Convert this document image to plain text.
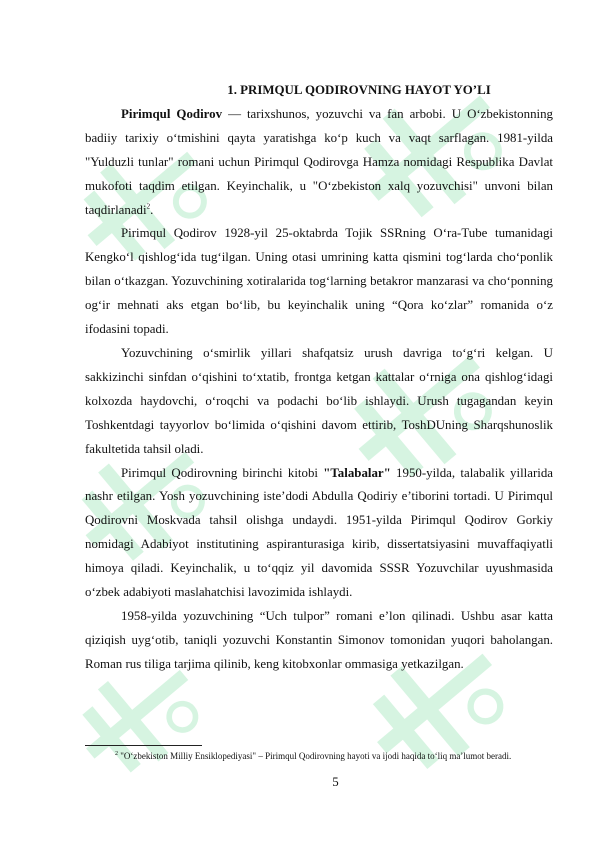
1. PRIMQUL QODIROVNING HAYOT YO’LI

Pirimqul Qodirov — tarixshunos, yozuvchi va fan arbobi. U O‘zbekistonning badiiy tarixiy o‘tmishini qayta yaratishga ko‘p kuch va vaqt sarflagan. 1981-yilda "Yulduzli tunlar" romani uchun Pirimqul Qodirovga Hamza nomidagi Respublika Davlat mukofoti taqdim etilgan. Keyinchalik, u "O‘zbekiston xalq yozuvchisi" unvoni bilan taqdirlanadi$^2$.

Pirimqul Qodirov 1928-yil 25-oktabrda Tojik SSRning O‘ra-Tube tumanidagi Kengko‘l qishlog‘ida tug‘ilgan. Uning otasi umrining katta qismini tog‘larda cho‘ponlik bilan o‘tkazgan. Yozuvchining xotiralarida tog‘larning betakror manzarasi va cho‘ponning og‘ir mehnati aks etgan bo‘lib, bu keyinchalik uning “Qora ko‘zlar” romanida o‘z ifodasini topadi.

Yozuvchining o‘smirlik yillari shafqatsiz urush davriga to‘g‘ri kelgan. U sakkizinchi sinfdan o‘qishini to‘xtatib, frontga ketgan kattalar o‘rniga ona qishlog‘idagi kolxozda haydovchi, o‘roqchi va podachi bo‘lib ishlaydi. Urush tugagandan keyin Toshkentdagi tayyorlov bo‘limida o‘qishini davom ettirib, ToshDUning Sharqshunoslik fakultetida tahsil oladi.

Pirimqul Qodirovning birinchi kitobi "Talabalar" 1950-yilda, talabalik yillarida nashr etilgan. Yosh yozuvchining iste’dodi Abdulla Qodiriy e’tiborini tortadi. U Pirimqul Qodirovni Moskvada tahsil olishga undaydi. 1951-yilda Pirimqul Qodirov Gorkiy nomidagi Adabiyot institutining aspiranturasiga kirib, dissertatsiyasini muvaffaqiyatli himoya qiladi. Keyinchalik, u to‘qqiz yil davomida SSSR Yozuvchilar uyushmasida o‘zbek adabiyoti maslahatchisi lavozimida ishlaydi.

1958-yilda yozuvchining “Uch tulpor” romani e’lon qilinadi. Ushbu asar katta qiziqish uyg‘otib, taniqli yozuvchi Konstantin Simonov tomonidan yuqori baholangan. Roman rus tiliga tarjima qilinib, keng kitobxonlar ommasiga yetkazilgan.

$^2$ "O‘zbekiston Milliy Ensiklopediyasi" – Pirimqul Qodirovning hayoti va ijodi haqida to‘liq ma’lumot beradi.
5
